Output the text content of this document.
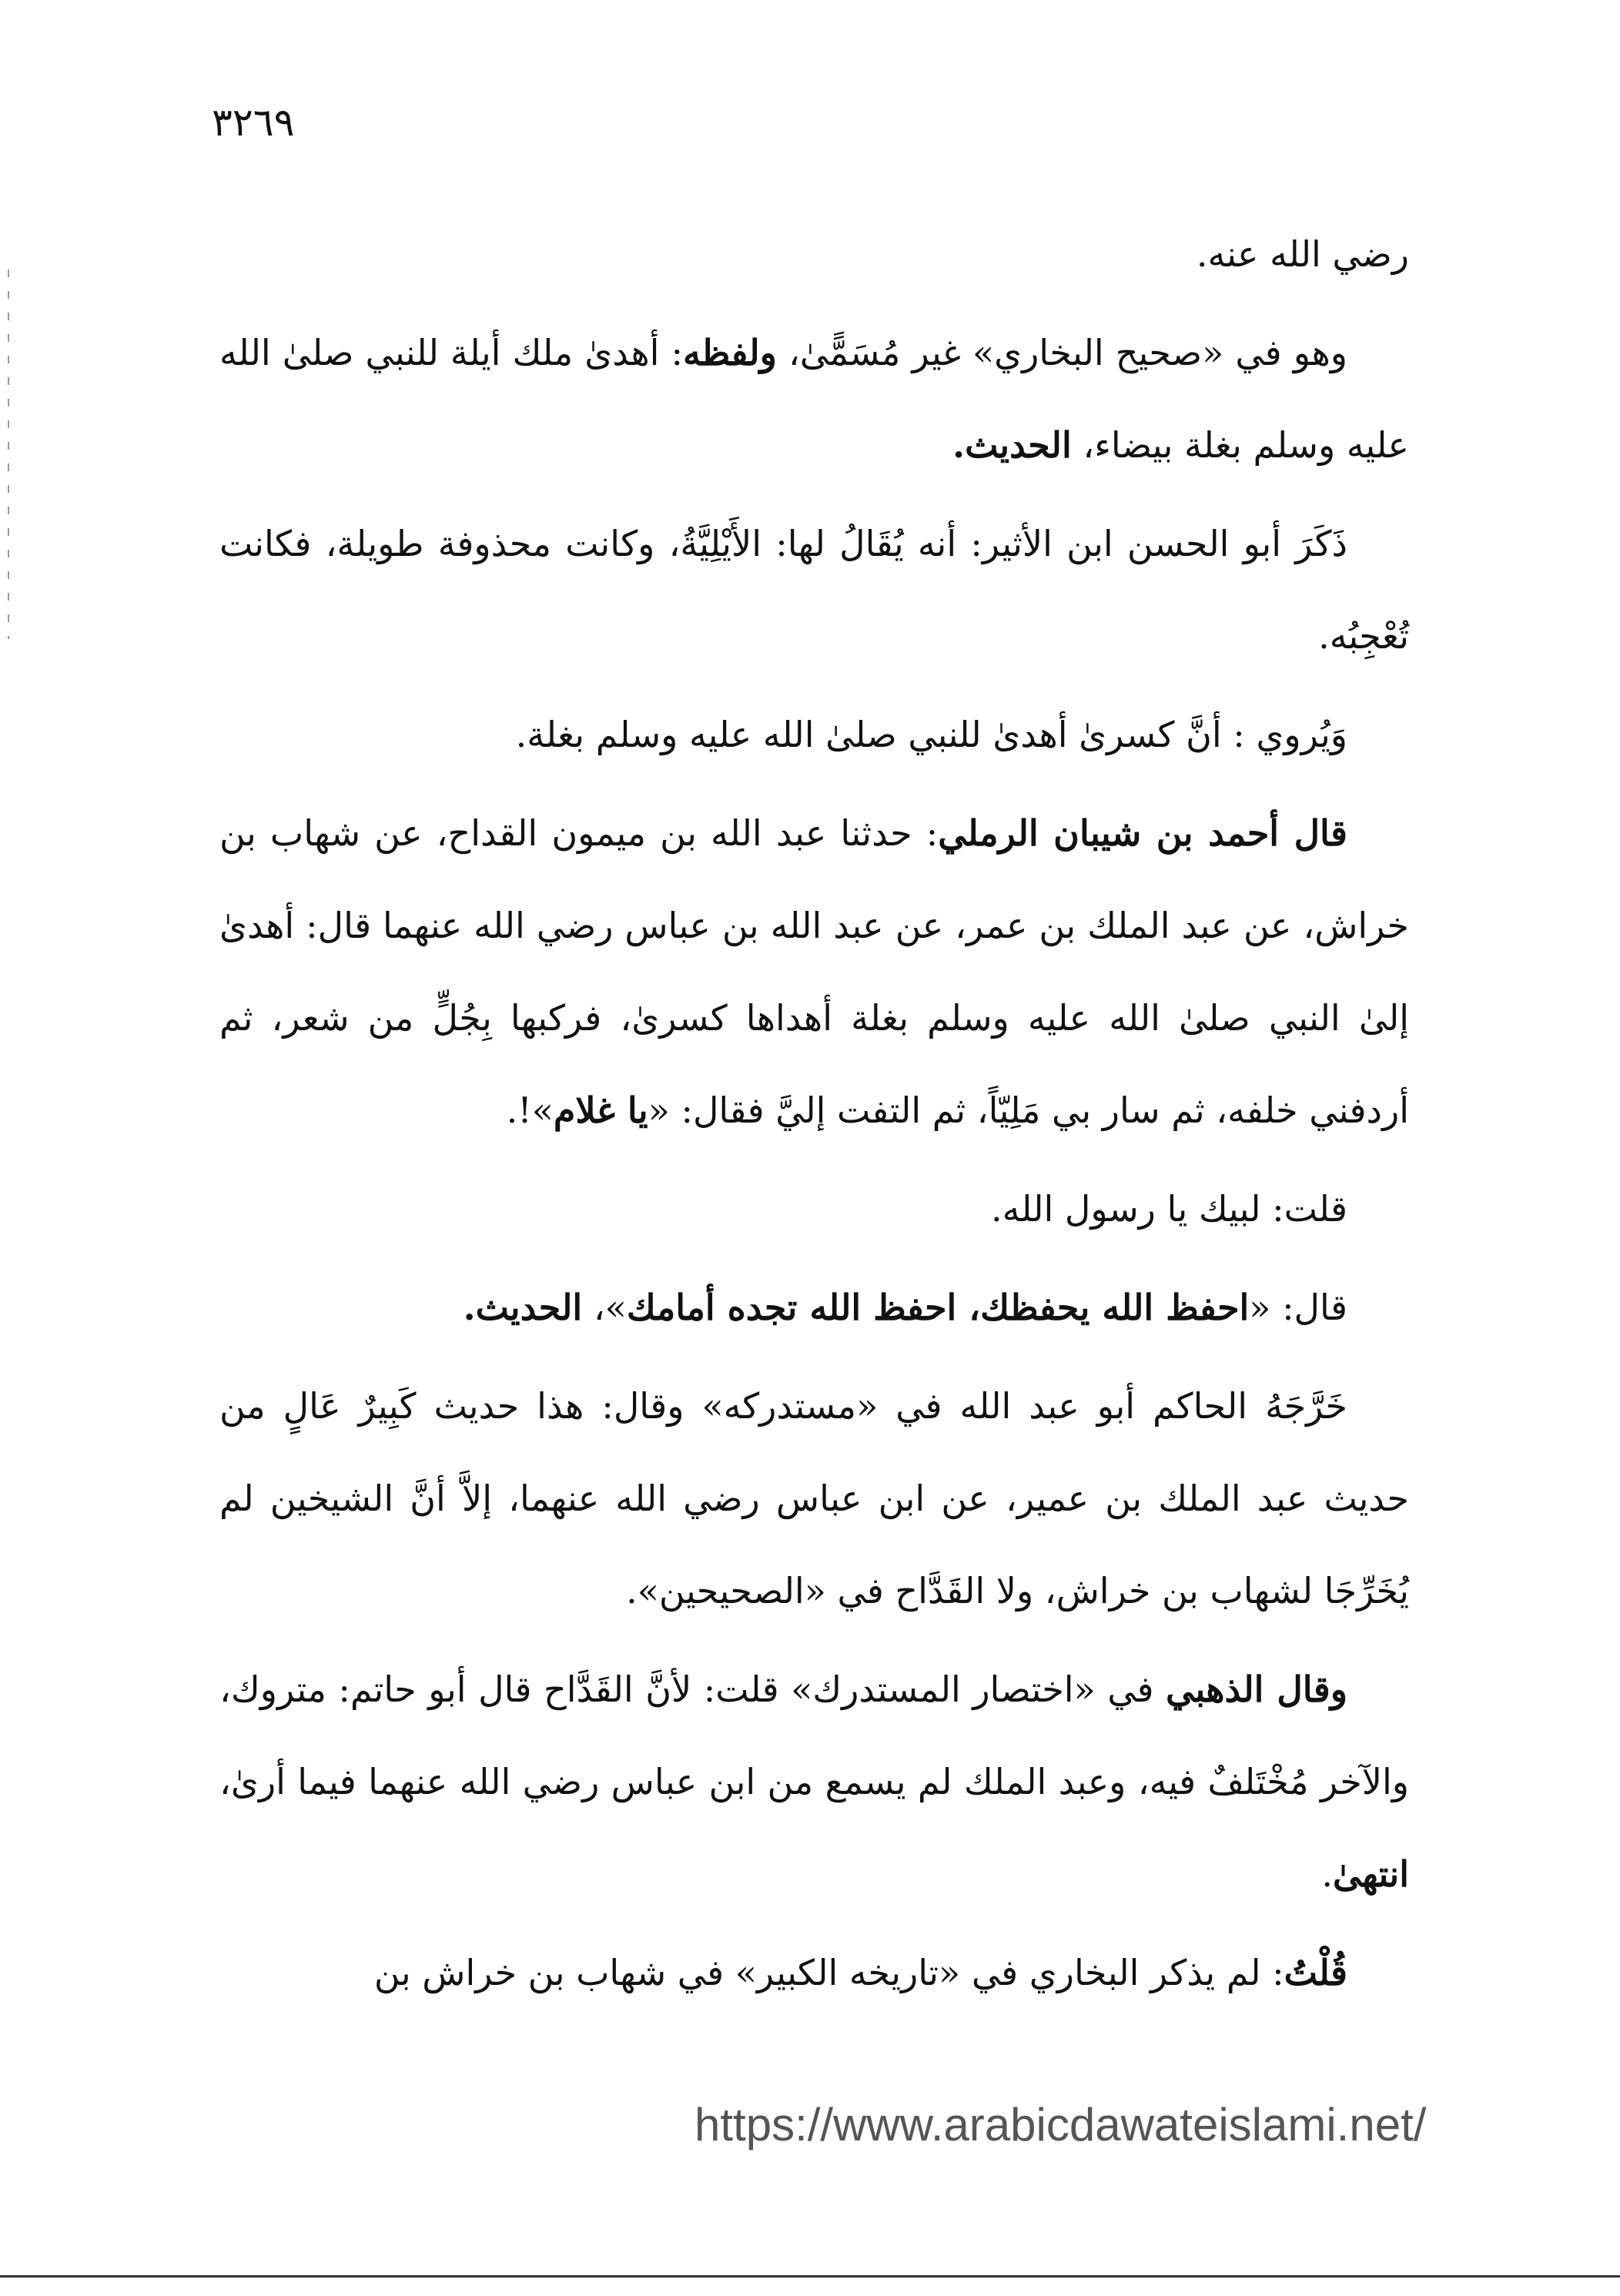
٣٢٦٩

رضي الله عنه.

وهو في «صحيح البخاري» غير مُسَمًّىٰ، ولفظه: أهدىٰ ملك أيلة للنبي صلىٰ الله عليه وسلم بغلة بيضاء، الحديث.

ذَكَرَ أبو الحسن ابن الأثير: أنه يُقَالُ لها: الأَيْلِيَّةُ، وكانت محذوفة طويلة، فكانت تُعْجِبُه.

وَيُروي : أنَّ كسرىٰ أهدىٰ للنبي صلىٰ الله عليه وسلم بغلة.

قال أحمد بن شيبان الرملي: حدثنا عبد الله بن ميمون القداح، عن شهاب بن خراش، عن عبد الملك بن عمر، عن عبد الله بن عباس رضي الله عنهما قال: أهدىٰ إلىٰ النبي صلىٰ الله عليه وسلم بغلة أهداها كسرىٰ، فركبها بِجُلٍّ من شعر، ثم أردفني خلفه، ثم سار بي مَلِيّاً، ثم التفت إليَّ فقال: «يا غلام»!.

قلت: لبيك يا رسول الله.

قال: «احفظ الله يحفظك، احفظ الله تجده أمامك»، الحديث.

خَرَّجَهُ الحاكم أبو عبد الله في «مستدركه» وقال: هذا حديث كَبِيرٌ عَالٍ من حديث عبد الملك بن عمير، عن ابن عباس رضي الله عنهما، إلاَّ أنَّ الشيخين لم يُخَرِّجَا لشهاب بن خراش، ولا القَدَّاح في «الصحيحين».

وقال الذهبي في «اختصار المستدرك» قلت: لأنَّ القَدَّاح قال أبو حاتم: متروك، والآخر مُخْتَلفٌ فيه، وعبد الملك لم يسمع من ابن عباس رضي الله عنهما فيما أرىٰ، انتهىٰ.

قُلْتُ: لم يذكر البخاري في «تاريخه الكبير» في شهاب بن خراش بن

https://www.arabicdawateislami.net/
